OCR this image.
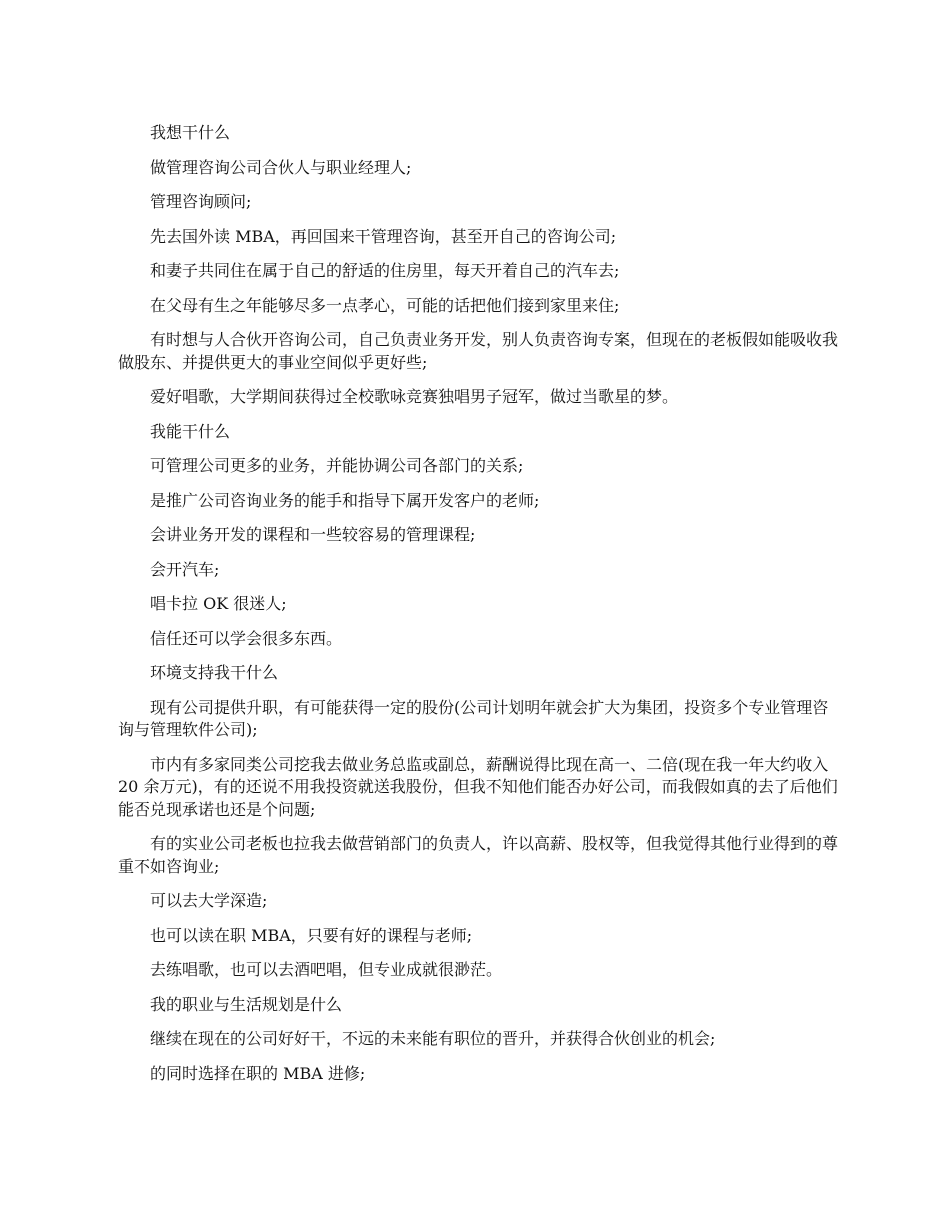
我想干什么

做管理咨询公司合伙人与职业经理人;

管理咨询顾问;

先去国外读 MBA，再回国来干管理咨询，甚至开自己的咨询公司;

和妻子共同住在属于自己的舒适的住房里，每天开着自己的汽车去;

在父母有生之年能够尽多一点孝心，可能的话把他们接到家里来住;

有时想与人合伙开咨询公司，自己负责业务开发，别人负责咨询专案，但现在的老板假如能吸收我做股东、并提供更大的事业空间似乎更好些;

爱好唱歌，大学期间获得过全校歌咏竞赛独唱男子冠军，做过当歌星的梦。

我能干什么

可管理公司更多的业务，并能协调公司各部门的关系;

是推广公司咨询业务的能手和指导下属开发客户的老师;

会讲业务开发的课程和一些较容易的管理课程;

会开汽车;

唱卡拉 OK 很迷人;

信任还可以学会很多东西。

环境支持我干什么

现有公司提供升职，有可能获得一定的股份(公司计划明年就会扩大为集团，投资多个专业管理咨询与管理软件公司);

市内有多家同类公司挖我去做业务总监或副总，薪酬说得比现在高一、二倍(现在我一年大约收入 20 余万元)，有的还说不用我投资就送我股份，但我不知他们能否办好公司，而我假如真的去了后他们能否兑现承诺也还是个问题;

有的实业公司老板也拉我去做营销部门的负责人，许以高薪、股权等，但我觉得其他行业得到的尊重不如咨询业;

可以去大学深造;

也可以读在职 MBA，只要有好的课程与老师;

去练唱歌，也可以去酒吧唱，但专业成就很渺茫。

我的职业与生活规划是什么

继续在现在的公司好好干，不远的未来能有职位的晋升，并获得合伙创业的机会;

的同时选择在职的 MBA 进修;
